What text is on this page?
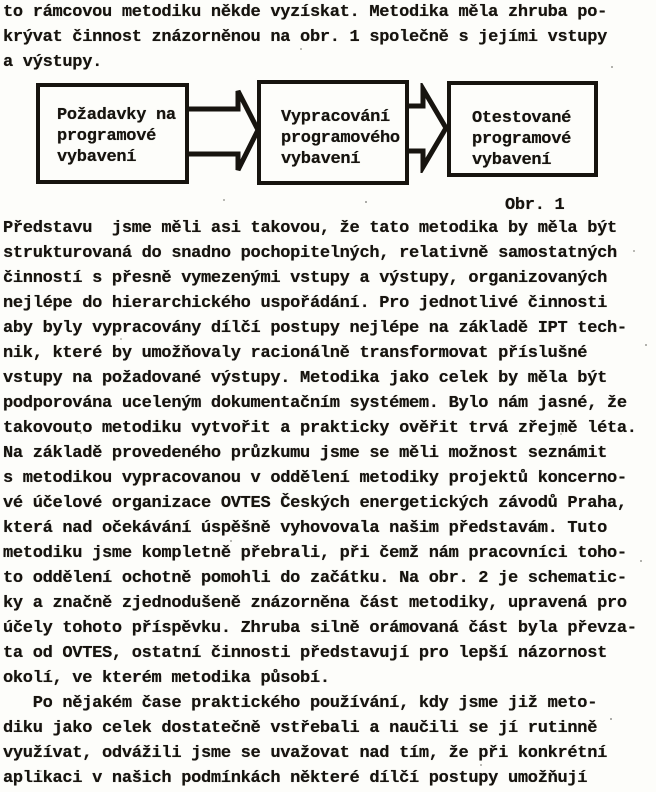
to rámcovou metodiku někde vyzískat. Metodika měla zhruba po-
krývat činnost znázorněnou na obr. 1 společně s jejími vstupy
a výstupy.
Požadavky na
programové
vybavení
Vypracování
programového
vybavení
Otestované
programové
vybavení
Obr. 1
Představu  jsme měli asi takovou, že tato metodika by měla být
strukturovaná do snadno pochopitelných, relativně samostatných
činností s přesně vymezenými vstupy a výstupy, organizovaných
nejlépe do hierarchického uspořádání. Pro jednotlivé činnosti
aby byly vypracovány dílčí postupy nejlépe na základě IPT tech-
nik, které by umožňovaly racionálně transformovat příslušné
vstupy na požadované výstupy. Metodika jako celek by měla být
podporována uceleným dokumentačním systémem. Bylo nám jasné, že
takovouto metodiku vytvořit a prakticky ověřit trvá zřejmě léta.
Na základě provedeného průzkumu jsme se měli možnost seznámit
s metodikou vypracovanou v oddělení metodiky projektů koncerno-
vé účelové organizace OVTES Českých energetických závodů Praha,
která nad očekávání úspěšně vyhovovala našim představám. Tuto
metodiku jsme kompletně přebrali, při čemž nám pracovníci toho-
to oddělení ochotně pomohli do začátku. Na obr. 2 je schematic-
ky a značně zjednodušeně znázorněna část metodiky, upravená pro
účely tohoto příspěvku. Zhruba silně orámovaná část byla převza-
ta od OVTES, ostatní činnosti představují pro lepší názornost
okolí, ve kterém metodika působí.
Po nějakém čase praktického používání, kdy jsme již meto-
diku jako celek dostatečně vstřebali a naučili se jí rutinně
využívat, odvážili jsme se uvažovat nad tím, že při konkrétní
aplikaci v našich podmínkách některé dílčí postupy umožňují
